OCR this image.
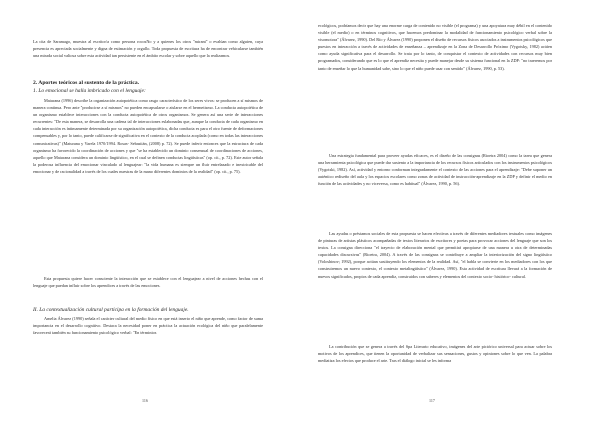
La cita de Saramago, muestra al escritor/a como persona rocosNo y a quienes los otros "mirant" o evalúan como alguien, cuya presencia es apreciada socialmente y digna de estimación y orgullo. Toda propuesta de escritura ha de encontrar vehicularse también una mirada social valiosa sobre esta actividad tan persistente en el ámbito escolar y sobre aquello que la realizamos.

2. Aportes teóricos al sustento de la práctica.

1. Lo emocional se halla imbricado con el lenguaje:

Maturana (1996) describe la organización autopoiética como rasgo característico de los seres vivos: se producen a sí mismos de manera continua. Pero ante "producirse a sí mismos" no pueden encapsularse o aislarse en el hermetismo. La conducta autopoiética de un organismo establece interacciones con la conducta autopoiética de otros organismos. Se genera así una serie de interacciones recurrentes: "De esta manera, se desarrolla una cadena tal de interacciones eslabonadas que, aunque la conducta de cada organismo en cada interacción es íntimamente determinada por su organización autopoiética, dicha conducta es para el otro fuente de deformaciones compensables y, por lo tanto, puede calificarse de significativa en el contexto de la conducta acoplada (como en todas las interacciones comunicativas)" (Maturana y Varela 1970/1994. Rosas- Sebastián, (2008) p. 72). Se puede inferir entonces que la estructura de cada organismo ha favorecido la coordinación de acciones y que "se ha establecido un dominio consensual de coordinaciones de acciones, aquello que Maturana considera un dominio lingüístico, en el cual se definen conductas lingüísticas" (op. cit., p. 72). Este autor señala la poderosa influencia del emocionar vinculado al lenguajear: "la vida humana es siempre un fluir entrelazado e inextricable del emocionar y de racionalidad a través de los cuales nuestras de la mano diferentes dominios de la realidad" (op. cit., p. 75).

Esta propuesta quiere hacer consciente la interacción que se establece con el lenguajear a nivel de acciones hechas con el lenguaje que puedan influir sobre los aprendices a través de las emociones.

II. La contextualización cultural participa en la formación del lenguaje.

Amelia Álvarez (1990) señala el carácter cultural del medio físico en que está inserto el niño que aprende, como factor de suma importancia en el desarrollo cognitivo. Destaca la necesidad poner en práctica la actuación ecológica del niño que paralelamente favorecerá también su funcionamiento psicológico verbal: "En términios

116

ecológicos, podríamos decir que hay una enorme carga de contenido no visible (el programa) y una apoyatura muy débil en el contenido visible (el medio) o en términos cognitivos, que hacemos predominar la modalidad de funcionamiento psicológico verbal sobre la visomotora" (Álvarez, 1990). Del Río y Álvarez (1990) proponen el diseño de recursos físicos asociados a instrumentos psicológicos que puestos en interacción a través de actividades de enseñanza – aprendizaje en la Zona de Desarrollo Próximo (Vygotsky, 1982) actúen como ayuda significativa para el desarrollo. Se trata por lo tanto, de conquistar el contexto de actividades con recursos muy bien programados, considerando que es lo que el aprendiz necesita y puede manejar desde su sistema funcional en la ZDP: "no traeremos por tanto de enseñar lo que la humanidad sabe, sino lo que el niño puede usar con sentido" (Álvarez, 1990, p. 53).

Una estrategia fundamental para proveer ayudas eficaces, es el diseño de las consignas (Rioetra 2004) como la tarea que genera una herramienta psicológica que puede dar sustento a la importancia de los recursos físicos articulados con los instrumentos psicológicos (Vygotski, 1982). Así, actividad y entorno conforman integradamente el contexto de las acciones para el aprendizaje: "Debe suponer un auténtico rediseño del aula y los espacios escolares como zonas de actividad de instrucción-aprendizaje en la ZDP y definir el medio en función de las actividades y no viceversa, como es habitual" (Álvarez, 1990, p. 56).

Las ayudas o préstamos sociales de esta propuesta se hacen efectivas a través de diferentes mediadores textuales como imágenes de pinturas de artistas plásticos acompañadas de textos literarios de escritores y poetas para provocar acciones del lenguaje que son los textos. La consigna direcciona "el trayecto de elaboración mental que permitirá apropiarse de una manera u otra de determinadas capacidades discursivas" (Rioetra, 2004). A través de las consignas se contribuye a ampliar la interiorización del signo lingüístico (Voloshinov; 1992), porque actúan sustituyendo los elementos de la realidad. Así, "el habla se convierte en los mediadores con los que construiremos un nuevo contexto, el contexto metalingüístico" (Álvarez, 1990). Esta actividad de escritura llevará a la formación de nuevos significados, propios de cada aprendiz, construidos con saberes y elementos del contexto socio- histórico- cultural.

La contribución que se genera a través del Spa Literario educativo, imágenes del arte pictórico universal para actuar sobre los motivos de los aprendices, que tienen la oportunidad de verbalizar sus sensaciones, gustos y opiniones sobre lo que ven. La palabra mediatiza los efectos que produce el arte. Tras el diálogo inicial se les informa

117
